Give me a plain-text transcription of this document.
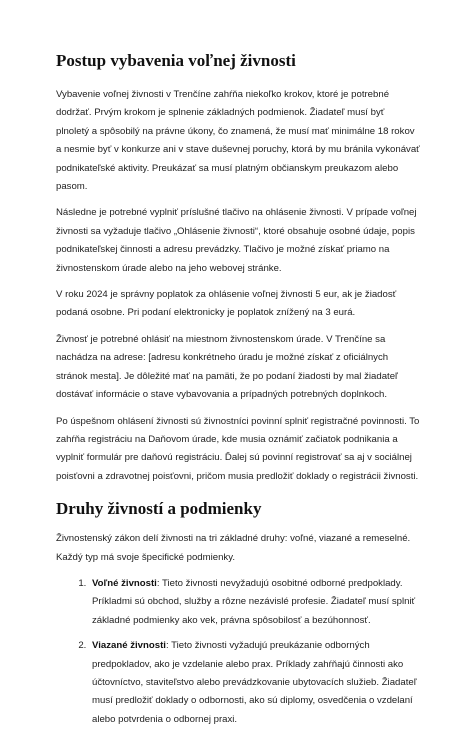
Postup vybavenia voľnej živnosti

Vybavenie voľnej živnosti v Trenčíne zahŕňa niekoľko krokov, ktoré je potrebné dodržať. Prvým krokom je splnenie základných podmienok. Žiadateľ musí byť plnoletý a spôsobilý na právne úkony, čo znamená, že musí mať minimálne 18 rokov a nesmie byť v konkurze ani v stave duševnej poruchy, ktorá by mu bránila vykonávať podnikateľské aktivity. Preukázať sa musí platným občianskym preukazom alebo pasom.

Následne je potrebné vyplniť príslušné tlačivo na ohlásenie živnosti. V prípade voľnej živnosti sa vyžaduje tlačivo „Ohlásenie živnosti“, ktoré obsahuje osobné údaje, popis podnikateľskej činnosti a adresu prevádzky. Tlačivo je možné získať priamo na živnostenskom úrade alebo na jeho webovej stránke.

V roku 2024 je správny poplatok za ohlásenie voľnej živnosti 5 eur, ak je žiadosť podaná osobne. Pri podaní elektronicky je poplatok znížený na 3 eurá.

Živnosť je potrebné ohlásiť na miestnom živnostenskom úrade. V Trenčíne sa nachádza na adrese: [adresu konkrétneho úradu je možné získať z oficiálnych stránok mesta]. Je dôležité mať na pamäti, že po podaní žiadosti by mal žiadateľ dostávať informácie o stave vybavovania a prípadných potrebných doplnkoch.

Po úspešnom ohlásení živnosti sú živnostníci povinní splniť registračné povinnosti. To zahŕňa registráciu na Daňovom úrade, kde musia oznámiť začiatok podnikania a vyplniť formulár pre daňovú registráciu. Ďalej sú povinní registrovať sa aj v sociálnej poisťovni a zdravotnej poisťovni, pričom musia predložiť doklady o registrácii živnosti.

Druhy živností a podmienky

Živnostenský zákon delí živnosti na tri základné druhy: voľné, viazané a remeselné. Každý typ má svoje špecifické podmienky.

1. Voľné živnosti: Tieto živnosti nevyžadujú osobitné odborné predpoklady. Príkladmi sú obchod, služby a rôzne nezávislé profesie. Žiadateľ musí splniť základné podmienky ako vek, právna spôsobilosť a bezúhonnosť.
2. Viazané živnosti: Tieto živnosti vyžadujú preukázanie odborných predpokladov, ako je vzdelanie alebo prax. Príklady zahŕňajú činnosti ako účtovníctvo, staviteľstvo alebo prevádzkovanie ubytovacích služieb. Žiadateľ musí predložiť doklady o odbornosti, ako sú diplomy, osvedčenia o vzdelaní alebo potvrdenia o odbornej praxi.
